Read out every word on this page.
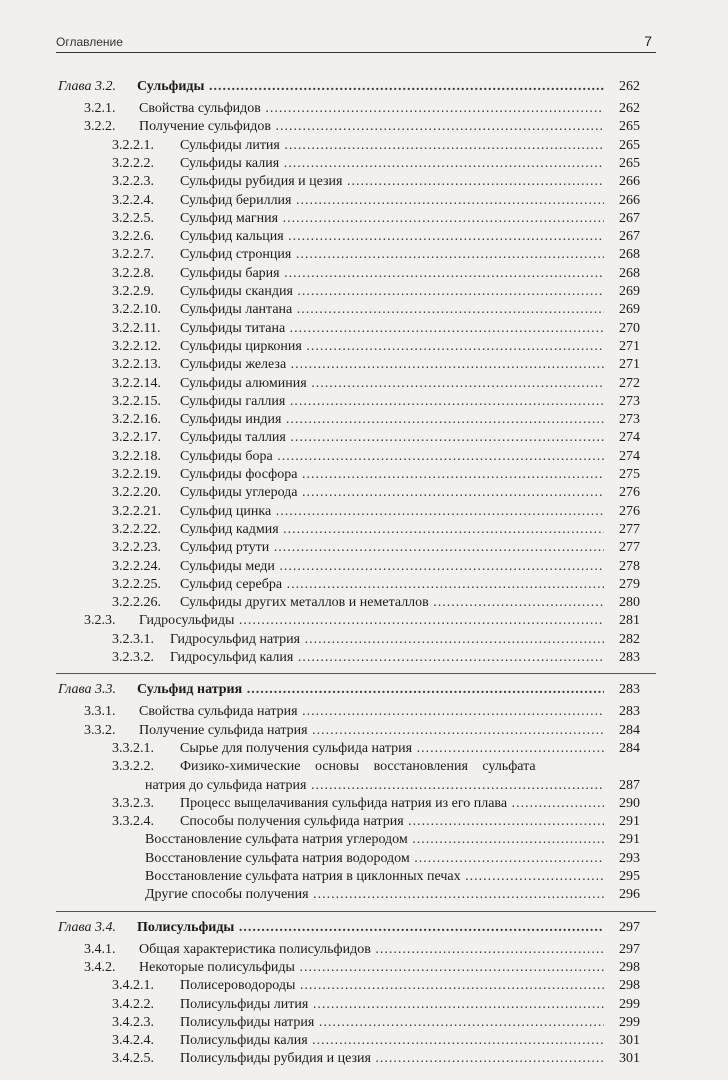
Оглавление	7
Глава 3.2. Сульфиды .....	262
3.2.1. Свойства сульфидов .....	262
3.2.2. Получение сульфидов .....	265
3.2.2.1. Сульфиды лития .....	265
3.2.2.2. Сульфиды калия .....	265
3.2.2.3. Сульфиды рубидия и цезия .....	266
3.2.2.4. Сульфид бериллия .....	266
3.2.2.5. Сульфид магния .....	267
3.2.2.6. Сульфид кальция .....	267
3.2.2.7. Сульфид стронция .....	268
3.2.2.8. Сульфиды бария .....	268
3.2.2.9. Сульфиды скандия .....	269
3.2.2.10. Сульфиды лантана .....	269
3.2.2.11. Сульфиды титана .....	270
3.2.2.12. Сульфиды циркония .....	271
3.2.2.13. Сульфиды железа .....	271
3.2.2.14. Сульфиды алюминия .....	272
3.2.2.15. Сульфиды галлия .....	273
3.2.2.16. Сульфиды индия .....	273
3.2.2.17. Сульфиды таллия .....	274
3.2.2.18. Сульфиды бора .....	274
3.2.2.19. Сульфиды фосфора .....	275
3.2.2.20. Сульфиды углерода .....	276
3.2.2.21. Сульфид цинка .....	276
3.2.2.22. Сульфид кадмия .....	277
3.2.2.23. Сульфид ртути .....	277
3.2.2.24. Сульфиды меди .....	278
3.2.2.25. Сульфид серебра .....	279
3.2.2.26. Сульфиды других металлов и неметаллов .....	280
3.2.3. Гидросульфиды .....	281
3.2.3.1. Гидросульфид натрия .....	282
3.2.3.2. Гидросульфид калия .....	283
Глава 3.3. Сульфид натрия .....	283
3.3.1. Свойства сульфида натрия .....	283
3.3.2. Получение сульфида натрия .....	284
3.3.2.1. Сырье для получения сульфида натрия .....	284
3.3.2.2. Физико-химические основы восстановления сульфата
натрия до сульфида натрия .....	287
3.3.2.3. Процесс выщелачивания сульфида натрия из его плава .....	290
3.3.2.4. Способы получения сульфида натрия .....	291
Восстановление сульфата натрия углеродом .....	291
Восстановление сульфата натрия водородом .....	293
Восстановление сульфата натрия в циклонных печах .....	295
Другие способы получения .....	296
Глава 3.4. Полисульфиды .....	297
3.4.1. Общая характеристика полисульфидов .....	297
3.4.2. Некоторые полисульфиды .....	298
3.4.2.1. Полисероводороды .....	298
3.4.2.2. Полисульфиды лития .....	299
3.4.2.3. Полисульфиды натрия .....	299
3.4.2.4. Полисульфиды калия .....	301
3.4.2.5. Полисульфиды рубидия и цезия .....	301
